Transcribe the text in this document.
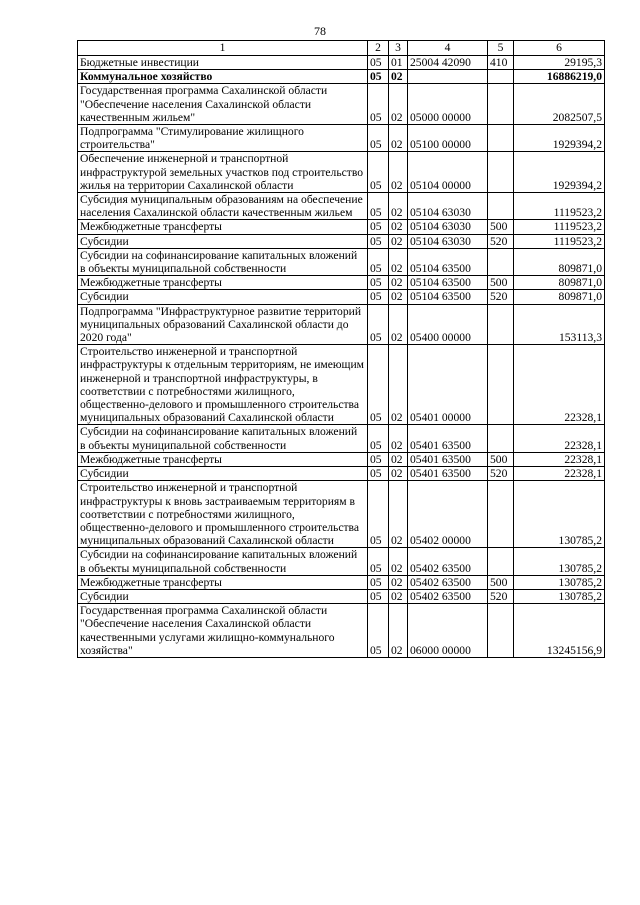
78
1	2	3	4	5	6
Бюджетные инвестиции	05	01	25004 42090	410	29195,3
Коммунальное хозяйство	05	02			16886219,0
Государственная программа Сахалинской области "Обеспечение населения Сахалинской области качественным жильем"	05	02	05000 00000		2082507,5
Подпрограмма "Стимулирование жилищного строительства"	05	02	05100 00000		1929394,2
Обеспечение инженерной и транспортной инфраструктурой земельных участков под строительство жилья на территории Сахалинской области	05	02	05104 00000		1929394,2
Субсидия муниципальным образованиям на обеспечение населения Сахалинской области качественным жильем	05	02	05104 63030		1119523,2
Межбюджетные трансферты	05	02	05104 63030	500	1119523,2
Субсидии	05	02	05104 63030	520	1119523,2
Субсидии на софинансирование капитальных вложений в объекты муниципальной собственности	05	02	05104 63500		809871,0
Межбюджетные трансферты	05	02	05104 63500	500	809871,0
Субсидии	05	02	05104 63500	520	809871,0
Подпрограмма "Инфраструктурное развитие территорий муниципальных образований Сахалинской области до 2020 года"	05	02	05400 00000		153113,3
Строительство инженерной и транспортной инфраструктуры к отдельным территориям, не имеющим инженерной и транспортной инфраструктуры, в соответствии с потребностями жилищного, общественно-делового и промышленного строительства муниципальных образований Сахалинской области	05	02	05401 00000		22328,1
Субсидии на софинансирование капитальных вложений в объекты муниципальной собственности	05	02	05401 63500		22328,1
Межбюджетные трансферты	05	02	05401 63500	500	22328,1
Субсидии	05	02	05401 63500	520	22328,1
Строительство инженерной и транспортной инфраструктуры к вновь застраиваемым территориям в соответствии с потребностями жилищного, общественно-делового и промышленного строительства муниципальных образований Сахалинской области	05	02	05402 00000		130785,2
Субсидии на софинансирование капитальных вложений в объекты муниципальной собственности	05	02	05402 63500		130785,2
Межбюджетные трансферты	05	02	05402 63500	500	130785,2
Субсидии	05	02	05402 63500	520	130785,2
Государственная программа Сахалинской области "Обеспечение населения Сахалинской области качественными услугами жилищно-коммунального хозяйства"	05	02	06000 00000		13245156,9
